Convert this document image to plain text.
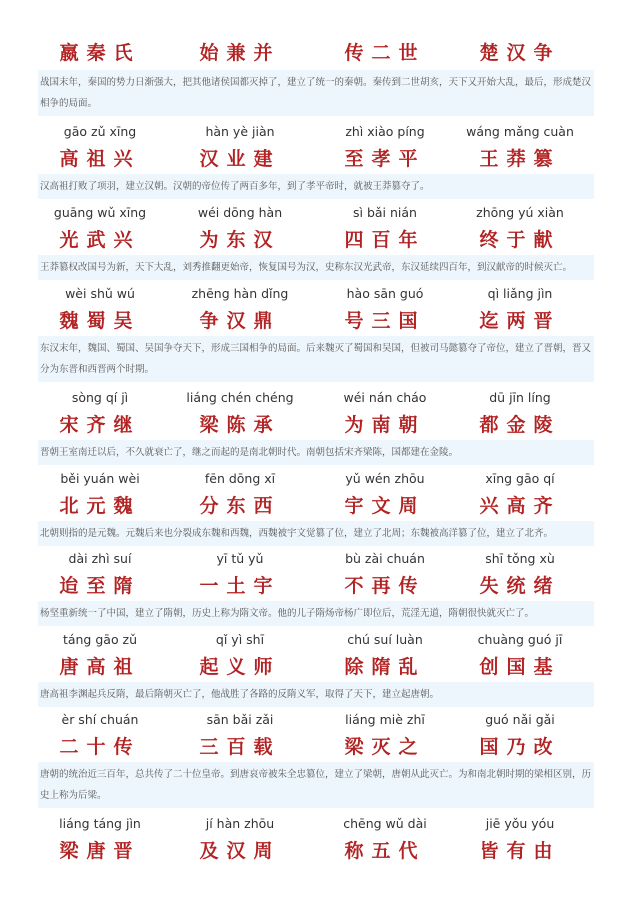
嬴秦氏	始兼并	传二世	楚汉争
战国末年，秦国的势力日渐强大，把其他诸侯国都灭掉了，建立了统一的秦朝。秦传到二世胡亥，天下又开始大乱，最后，形成楚汉相争的局面。
gāo zǔ xīng	hàn yè jiàn	zhì xiào píng	wáng mǎng cuàn
高祖兴	汉业建	至孝平	王莽篡
汉高祖打败了项羽，建立汉朝。汉朝的帝位传了两百多年，到了孝平帝时，就被王莽篡夺了。
guāng wǔ xīng	wéi dōng hàn	sì bǎi nián	zhōng yú xiàn
光武兴	为东汉	四百年	终于献
王莽篡权改国号为新，天下大乱，刘秀推翻更始帝，恢复国号为汉，史称东汉光武帝，东汉延续四百年，到汉献帝的时候灭亡。
wèi shǔ wú	zhēng hàn dǐng	hào sān guó	qì liǎng jìn
魏蜀吴	争汉鼎	号三国	迄两晋
东汉末年，魏国、蜀国、吴国争夺天下，形成三国相争的局面。后来魏灭了蜀国和吴国，但被司马懿篡夺了帝位，建立了晋朝，晋又分为东晋和西晋两个时期。
sòng qí jì	liáng chén chéng	wéi nán cháo	dū jīn líng
宋齐继	梁陈承	为南朝	都金陵
晋朝王室南迁以后，不久就衰亡了，继之而起的是南北朝时代。南朝包括宋齐梁陈，国都建在金陵。
běi yuán wèi	fēn dōng xī	yǔ wén zhōu	xīng gāo qí
北元魏	分东西	宇文周	兴高齐
北朝则指的是元魏。元魏后来也分裂成东魏和西魏，西魏被宇文觉篡了位，建立了北周；东魏被高洋篡了位，建立了北齐。
dài zhì suí	yī tǔ yǔ	bù zài chuán	shī tǒng xù
迨至隋	一土宇	不再传	失统绪
杨坚重新统一了中国，建立了隋朝，历史上称为隋文帝。他的儿子隋炀帝杨广即位后，荒淫无道，隋朝很快就灭亡了。
táng gāo zǔ	qǐ yì shī	chú suí luàn	chuàng guó jī
唐高祖	起义师	除隋乱	创国基
唐高祖李渊起兵反隋，最后隋朝灭亡了，他战胜了各路的反隋义军，取得了天下，建立起唐朝。
èr shí chuán	sān bǎi zǎi	liáng miè zhī	guó nǎi gǎi
二十传	三百载	梁灭之	国乃改
唐朝的统治近三百年，总共传了二十位皇帝。到唐哀帝被朱全忠篡位，建立了梁朝，唐朝从此灭亡。为和南北朝时期的梁相区别，历史上称为后梁。
liáng táng jìn	jí hàn zhōu	chēng wǔ dài	jiē yǒu yóu
梁唐晋	及汉周	称五代	皆有由
